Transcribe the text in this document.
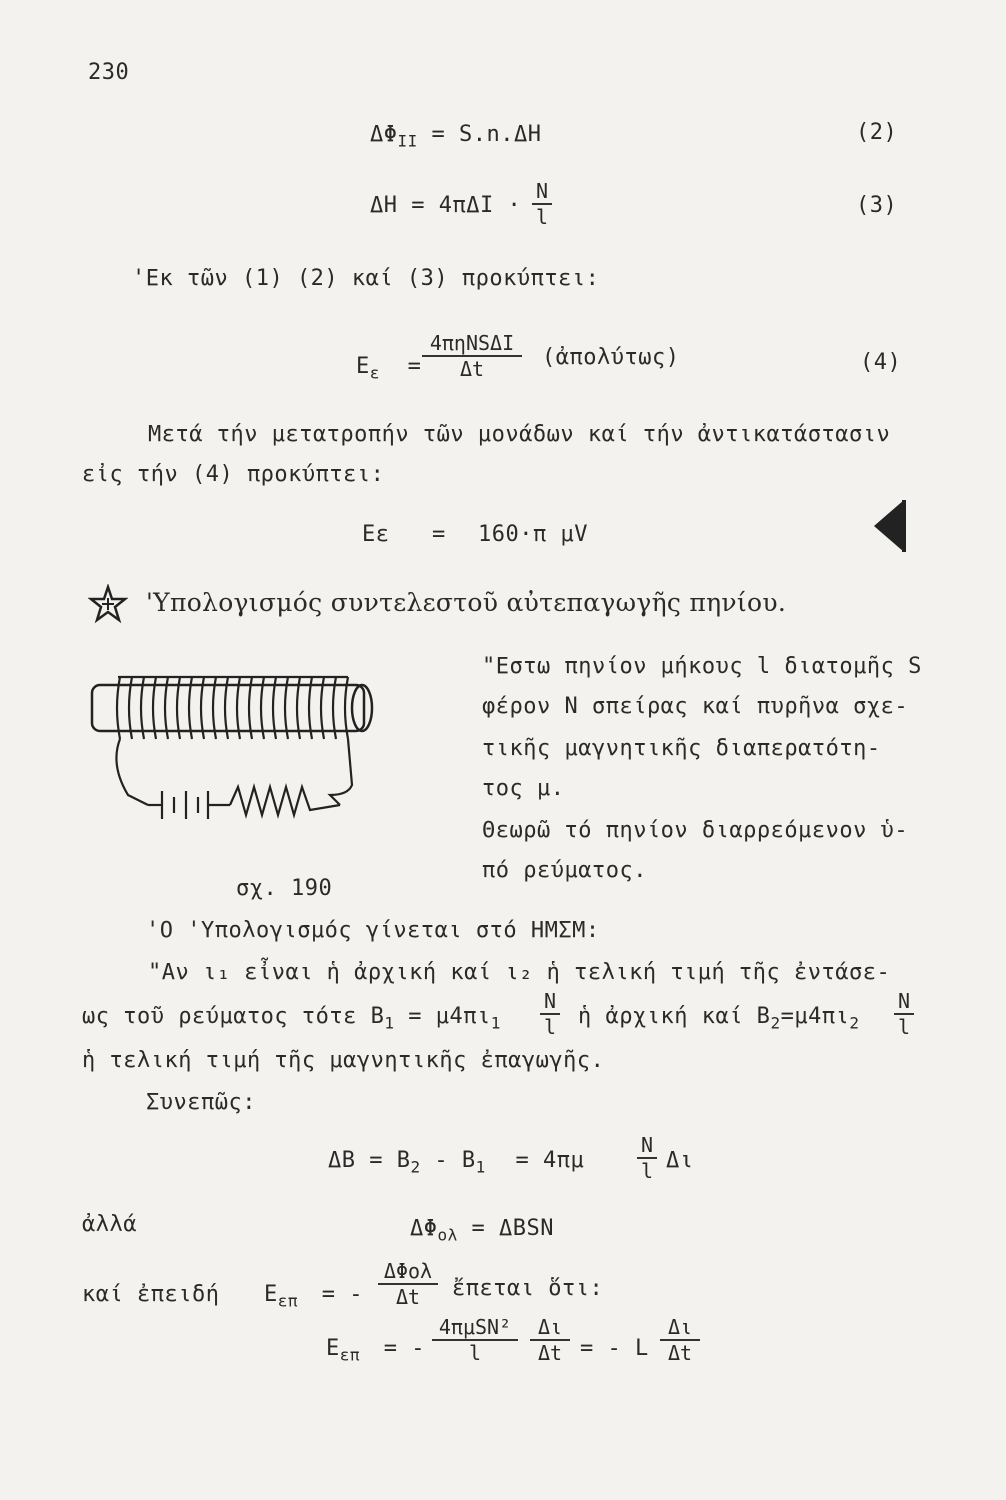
230
$\Delta\Phi_{II} = S.n.\Delta H$	(2)
ΔH = 4πΔI ·
N
l	(3)
'Εκ τῶν (1) (2) καί (3) προκύπτει:
$E_\varepsilon$ =
4πηNSΔI
Δt	(ἀπολύτως)	(4)
Μετά τήν μετατροπήν τῶν μονάδων καί τήν ἀντικατάστασιν
εἰς τήν (4) προκύπτει:
Eε = 160·π μV
'Υπολογισμός συντελεστοῦ αὐτεπαγωγῆς πηνίου.
"Εστω πηνίον μήκους l διατομῆς S
φέρον N σπείρας καί πυρῆνα σχε-
τικῆς μαγνητικῆς διαπερατότη-
τος μ.
Θεωρῶ τό πηνίον διαρρεόμενον ὑ-
πό ρεύματος.
σχ. 190
'Ο 'Υπολογισμός γίνεται στό ΗΜΣΜ:
"Αν ι₁ εἶναι ἡ ἀρχική καί ι₂ ἡ τελική τιμή τῆς ἐντάσε-
ως τοῦ ρεύματος τότε $B_1 = \mu 4\pi\iota_1$
N
l ἡ ἀρχική καί $B_2=\mu 4\pi\iota_2$
N
l
ἡ τελική τιμή τῆς μαγνητικῆς ἐπαγωγῆς.
Συνεπῶς:
$\Delta B = B_2 - B_1 = 4\pi\mu$
N
l Δι
ἀλλά	$\Delta\Phi_{o\lambda} = \Delta BSN$
καί ἐπειδή $E_{\varepsilon\pi}$ = -
ΔΦολ
Δt	ἔπεται ὅτι:
$E_{\varepsilon\pi}$ = -
4πμSN²
l
Δι
Δt = - L
Δι
Δt
